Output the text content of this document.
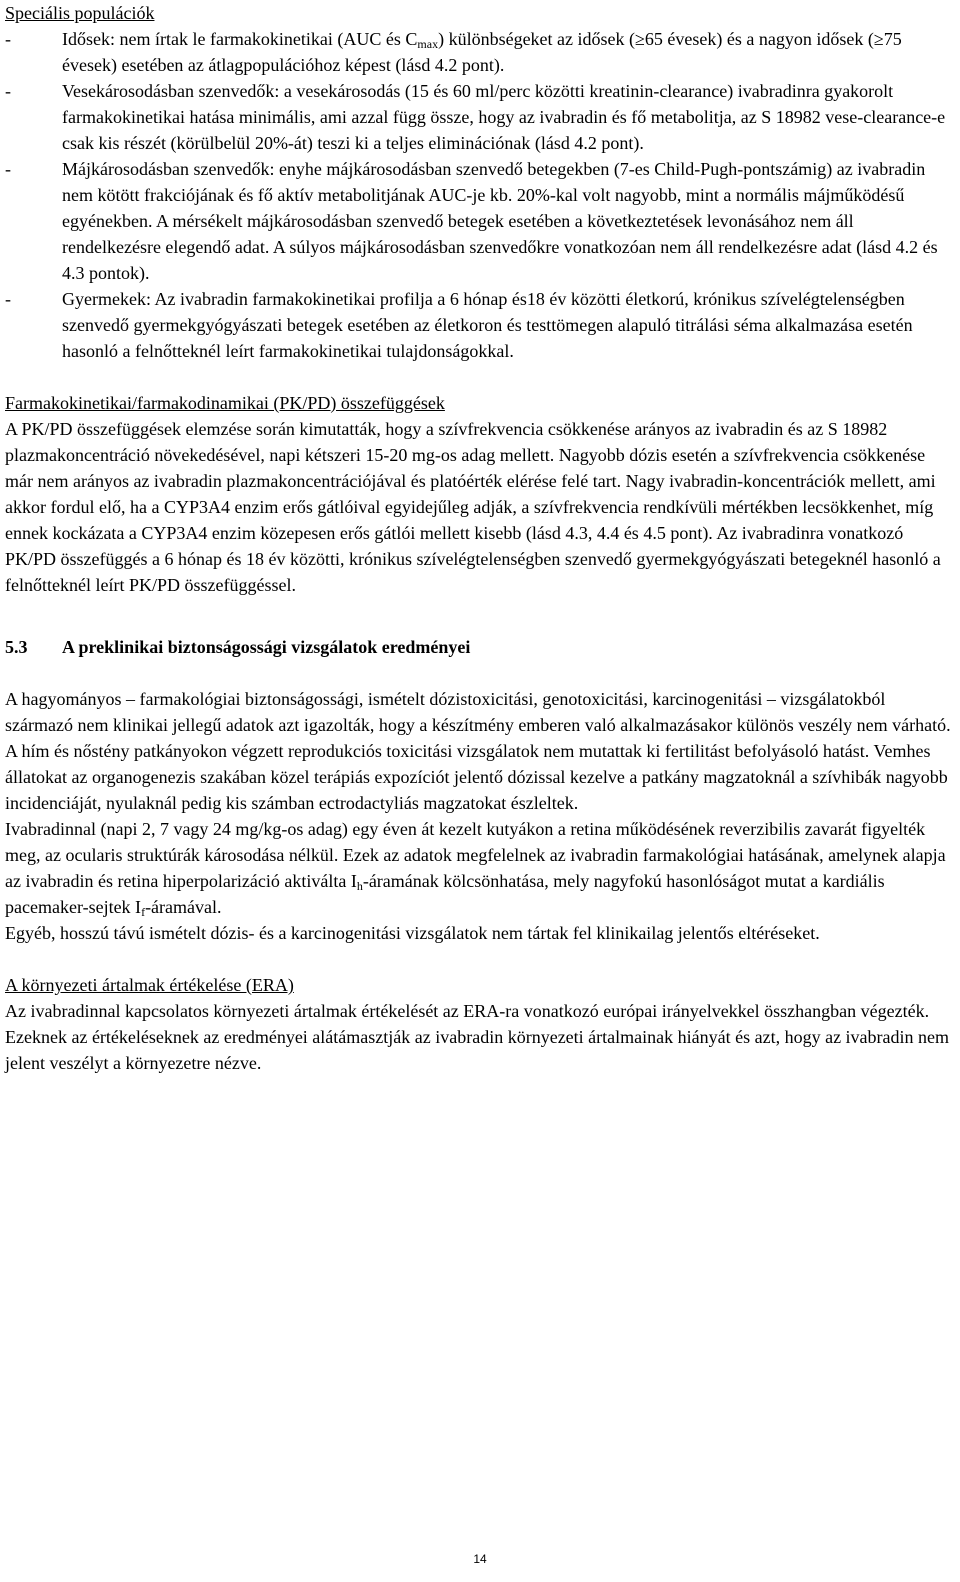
Speciális populációk

-	Idősek: nem írtak le farmakokinetikai (AUC és $C_{max}$) különbségeket az idősek (≥65 évesek) és a nagyon idősek (≥75 évesek) esetében az átlagpopulációhoz képest (lásd 4.2 pont).
-	Vesekárosodásban szenvedők: a vesekárosodás (15 és 60 ml/perc közötti kreatinin-clearance) ivabradinra gyakorolt farmakokinetikai hatása minimális, ami azzal függ össze, hogy az ivabradin és fő metabolitja, az S 18982 vese-clearance-e csak kis részét (körülbelül 20%-át) teszi ki a teljes eliminációnak (lásd 4.2 pont).
-	Májkárosodásban szenvedők: enyhe májkárosodásban szenvedő betegekben (7-es Child-Pugh-pontszámig) az ivabradin nem kötött frakciójának és fő aktív metabolitjának AUC-je kb. 20%-kal volt nagyobb, mint a normális májműködésű egyénekben. A mérsékelt májkárosodásban szenvedő betegek esetében a következtetések levonásához nem áll rendelkezésre elegendő adat. A súlyos májkárosodásban szenvedőkre vonatkozóan nem áll rendelkezésre adat (lásd 4.2 és 4.3 pontok).
-	Gyermekek: Az ivabradin farmakokinetikai profilja a 6 hónap és18 év közötti életkorú, krónikus szívelégtelenségben szenvedő gyermekgyógyászati betegek esetében az életkoron és testtömegen alapuló titrálási séma alkalmazása esetén hasonló a felnőtteknél leírt farmakokinetikai tulajdonságokkal.

Farmakokinetikai/farmakodinamikai (PK/PD) összefüggések

A PK/PD összefüggések elemzése során kimutatták, hogy a szívfrekvencia csökkenése arányos az ivabradin és az S 18982 plazmakoncentráció növekedésével, napi kétszeri 15-20 mg-os adag mellett. Nagyobb dózis esetén a szívfrekvencia csökkenése már nem arányos az ivabradin plazmakoncentrációjával és platóérték elérése felé tart. Nagy ivabradin-koncentrációk mellett, ami akkor fordul elő, ha a CYP3A4 enzim erős gátlóival egyidejűleg adják, a szívfrekvencia rendkívüli mértékben lecsökkenhet, míg ennek kockázata a CYP3A4 enzim közepesen erős gátlói mellett kisebb (lásd 4.3, 4.4 és 4.5 pont). Az ivabradinra vonatkozó PK/PD összefüggés a 6 hónap és 18 év közötti, krónikus szívelégtelenségben szenvedő gyermekgyógyászati betegeknél hasonló a felnőtteknél leírt PK/PD összefüggéssel.

5.3 A preklinikai biztonságossági vizsgálatok eredményei

A hagyományos – farmakológiai biztonságossági, ismételt dózistoxicitási, genotoxicitási, karcinogenitási – vizsgálatokból származó nem klinikai jellegű adatok azt igazolták, hogy a készítmény emberen való alkalmazásakor különös veszély nem várható. A hím és nőstény patkányokon végzett reprodukciós toxicitási vizsgálatok nem mutattak ki fertilitást befolyásoló hatást. Vemhes állatokat az organogenezis szakában közel terápiás expozíciót jelentő dózissal kezelve a patkány magzatoknál a szívhibák nagyobb incidenciáját, nyulaknál pedig kis számban ectrodactyliás magzatokat észleltek.

Ivabradinnal (napi 2, 7 vagy 24 mg/kg-os adag) egy éven át kezelt kutyákon a retina működésének reverzibilis zavarát figyelték meg, az ocularis struktúrák károsodása nélkül. Ezek az adatok megfelelnek az ivabradin farmakológiai hatásának, amelynek alapja az ivabradin és retina hiperpolarizáció aktiválta $I_h$-áramának kölcsönhatása, mely nagyfokú hasonlóságot mutat a kardiális pacemaker-sejtek $I_f$-áramával.

Egyéb, hosszú távú ismételt dózis- és a karcinogenitási vizsgálatok nem tártak fel klinikailag jelentős eltéréseket.

A környezeti ártalmak értékelése (ERA)

Az ivabradinnal kapcsolatos környezeti ártalmak értékelését az ERA-ra vonatkozó európai irányelvekkel összhangban végezték.

Ezeknek az értékeléseknek az eredményei alátámasztják az ivabradin környezeti ártalmainak hiányát és azt, hogy az ivabradin nem jelent veszélyt a környezetre nézve.

14
